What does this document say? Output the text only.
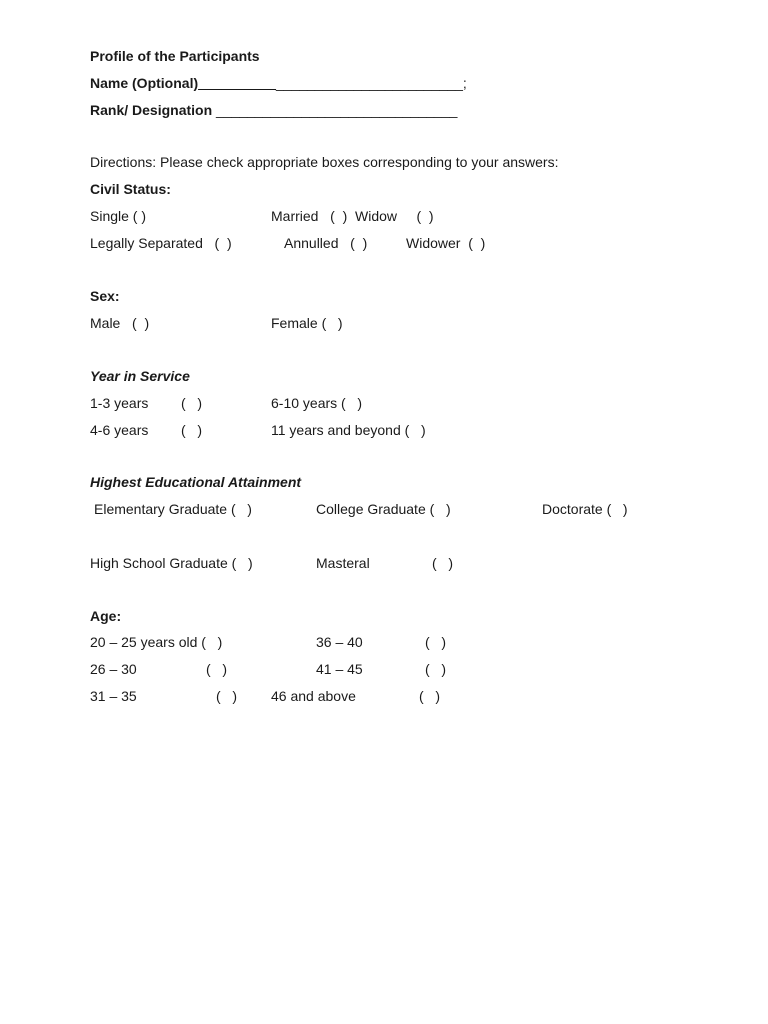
Profile of the Participants
Name (Optional)__________________________________;
Rank/ Designation _______________________________
Directions: Please check appropriate boxes corresponding to your answers:
Civil Status:
Single ( )	Married   (  )  Widow     (  )
Legally Separated   (  )	Annulled   (  )	Widower  (  )
Sex:
Male   (  )	Female (   )
Year in Service
1-3 years (   )	6-10 years (   )
4-6 years (   )	11 years and beyond (   )
Highest Educational Attainment
Elementary Graduate (   )	College Graduate (   )	Doctorate (   )
High School Graduate (   )	Masteral	(   )
Age:
20 – 25 years old (   )	36 – 40	(   )
26 – 30	(   )	41 – 45	(   )
31 – 35	(   ) 46 and above	(   )
